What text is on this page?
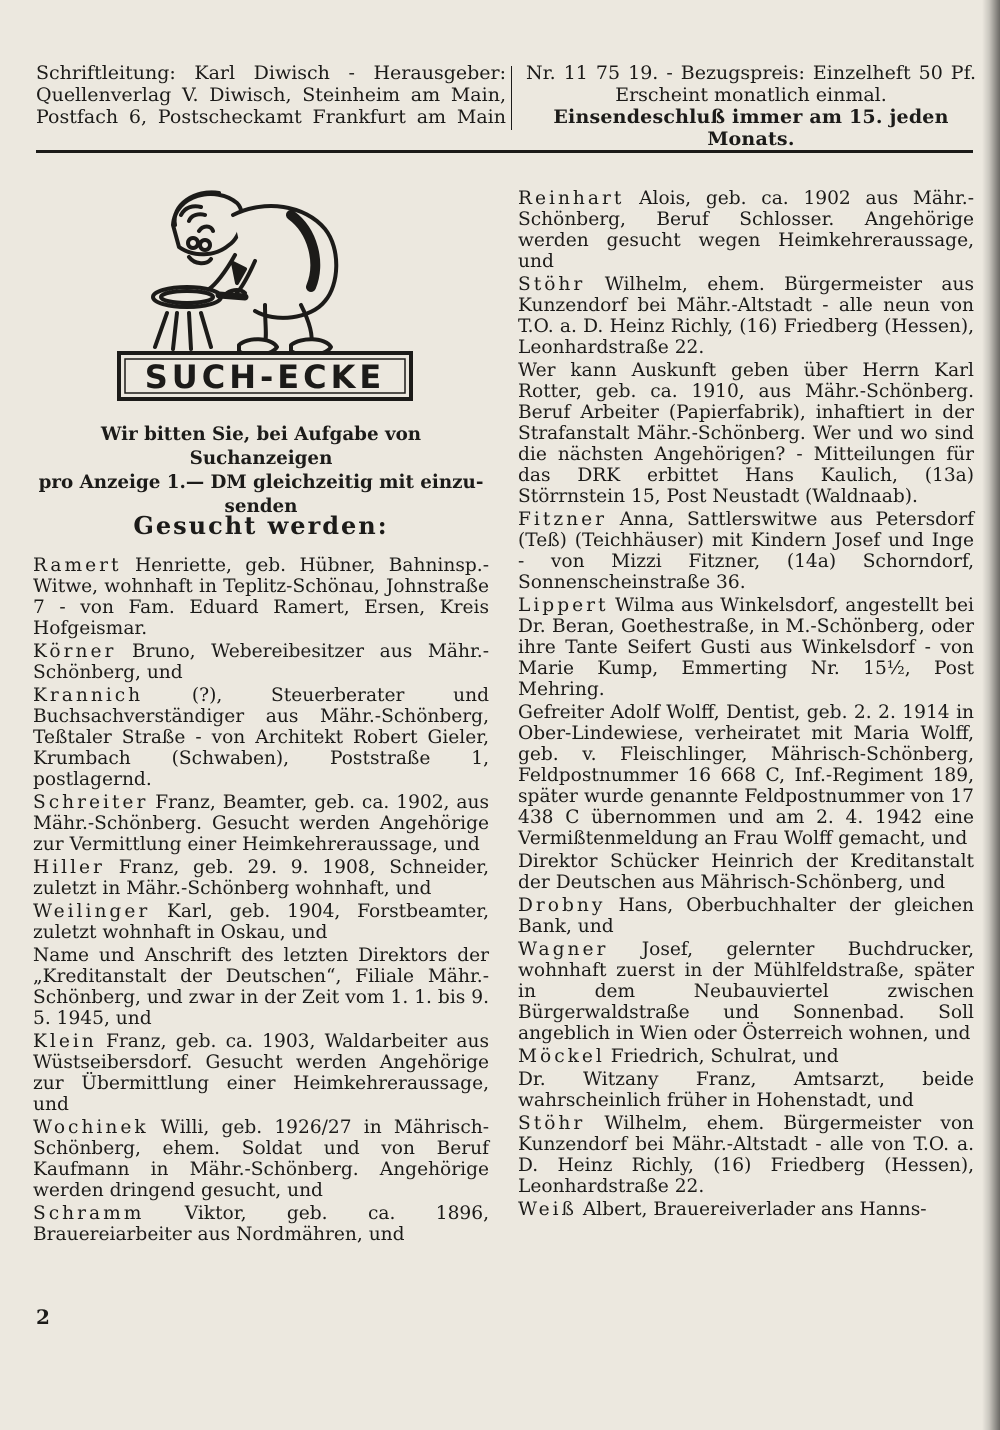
Schriftleitung: Karl Diwisch - Herausgeber:
Quellenverlag V. Diwisch, Steinheim am Main,
Postfach 6, Postscheckamt Frankfurt am Main
Nr. 11 75 19. - Bezugspreis: Einzelheft 50 Pf.
Erscheint monatlich einmal.
Einsendeschluß immer am 15. jeden Monats.
SUCH-ECKE
Wir bitten Sie, bei Aufgabe von Suchanzeigen
pro Anzeige 1.— DM gleichzeitig mit einzu-
senden
Gesucht werden:
Ramert Henriette, geb. Hübner, Bahninsp.-Witwe, wohnhaft in Teplitz-Schönau, Johnstraße 7 - von Fam. Eduard Ramert, Ersen, Kreis Hofgeismar.
Körner Bruno, Webereibesitzer aus Mähr.-Schönberg, und
Krannich (?), Steuerberater und Buchsachverständiger aus Mähr.-Schönberg, Teßtaler Straße - von Architekt Robert Gieler, Krumbach (Schwaben), Poststraße 1, postlagernd.
Schreiter Franz, Beamter, geb. ca. 1902, aus Mähr.-Schönberg. Gesucht werden Angehörige zur Vermittlung einer Heimkehreraussage, und
Hiller Franz, geb. 29. 9. 1908, Schneider, zuletzt in Mähr.-Schönberg wohnhaft, und
Weilinger Karl, geb. 1904, Forstbeamter, zuletzt wohnhaft in Oskau, und
Name und Anschrift des letzten Direktors der „Kreditanstalt der Deutschen“, Filiale Mähr.-Schönberg, und zwar in der Zeit vom 1. 1. bis 9. 5. 1945, und
Klein Franz, geb. ca. 1903, Waldarbeiter aus Wüstseibersdorf. Gesucht werden Angehörige zur Übermittlung einer Heimkehreraussage, und
Wochinek Willi, geb. 1926/27 in Mährisch-Schönberg, ehem. Soldat und von Beruf Kaufmann in Mähr.-Schönberg. Angehörige werden dringend gesucht, und
Schramm Viktor, geb. ca. 1896, Brauereiarbeiter aus Nordmähren, und
Reinhart Alois, geb. ca. 1902 aus Mähr.-Schönberg, Beruf Schlosser. Angehörige werden gesucht wegen Heimkehreraussage, und
Stöhr Wilhelm, ehem. Bürgermeister aus Kunzendorf bei Mähr.-Altstadt - alle neun von T.O. a. D. Heinz Richly, (16) Friedberg (Hessen), Leonhardstraße 22.
Wer kann Auskunft geben über Herrn Karl Rotter, geb. ca. 1910, aus Mähr.-Schönberg. Beruf Arbeiter (Papierfabrik), inhaftiert in der Strafanstalt Mähr.-Schönberg. Wer und wo sind die nächsten Angehörigen? - Mitteilungen für das DRK erbittet Hans Kaulich, (13a) Störrnstein 15, Post Neustadt (Waldnaab).
Fitzner Anna, Sattlerswitwe aus Petersdorf (Teß) (Teichhäuser) mit Kindern Josef und Inge - von Mizzi Fitzner, (14a) Schorndorf, Sonnenscheinstraße 36.
Lippert Wilma aus Winkelsdorf, angestellt bei Dr. Beran, Goethestraße, in M.-Schönberg, oder ihre Tante Seifert Gusti aus Winkelsdorf - von Marie Kump, Emmerting Nr. 15½, Post Mehring.
Gefreiter Adolf Wolff, Dentist, geb. 2. 2. 1914 in Ober-Lindewiese, verheiratet mit Maria Wolff, geb. v. Fleischlinger, Mährisch-Schönberg, Feldpostnummer 16 668 C, Inf.-Regiment 189, später wurde genannte Feldpostnummer von 17 438 C übernommen und am 2. 4. 1942 eine Vermißtenmeldung an Frau Wolff gemacht, und
Direktor Schücker Heinrich der Kreditanstalt der Deutschen aus Mährisch-Schönberg, und
Drobny Hans, Oberbuchhalter der gleichen Bank, und
Wagner Josef, gelernter Buchdrucker, wohnhaft zuerst in der Mühlfeldstraße, später in dem Neubauviertel zwischen Bürgerwaldstraße und Sonnenbad. Soll angeblich in Wien oder Österreich wohnen, und
Möckel Friedrich, Schulrat, und
Dr. Witzany Franz, Amtsarzt, beide wahrscheinlich früher in Hohenstadt, und
Stöhr Wilhelm, ehem. Bürgermeister von Kunzendorf bei Mähr.-Altstadt - alle von T.O. a. D. Heinz Richly, (16) Friedberg (Hessen), Leonhardstraße 22.
Weiß Albert, Brauereiverlader ans Hanns-
2
